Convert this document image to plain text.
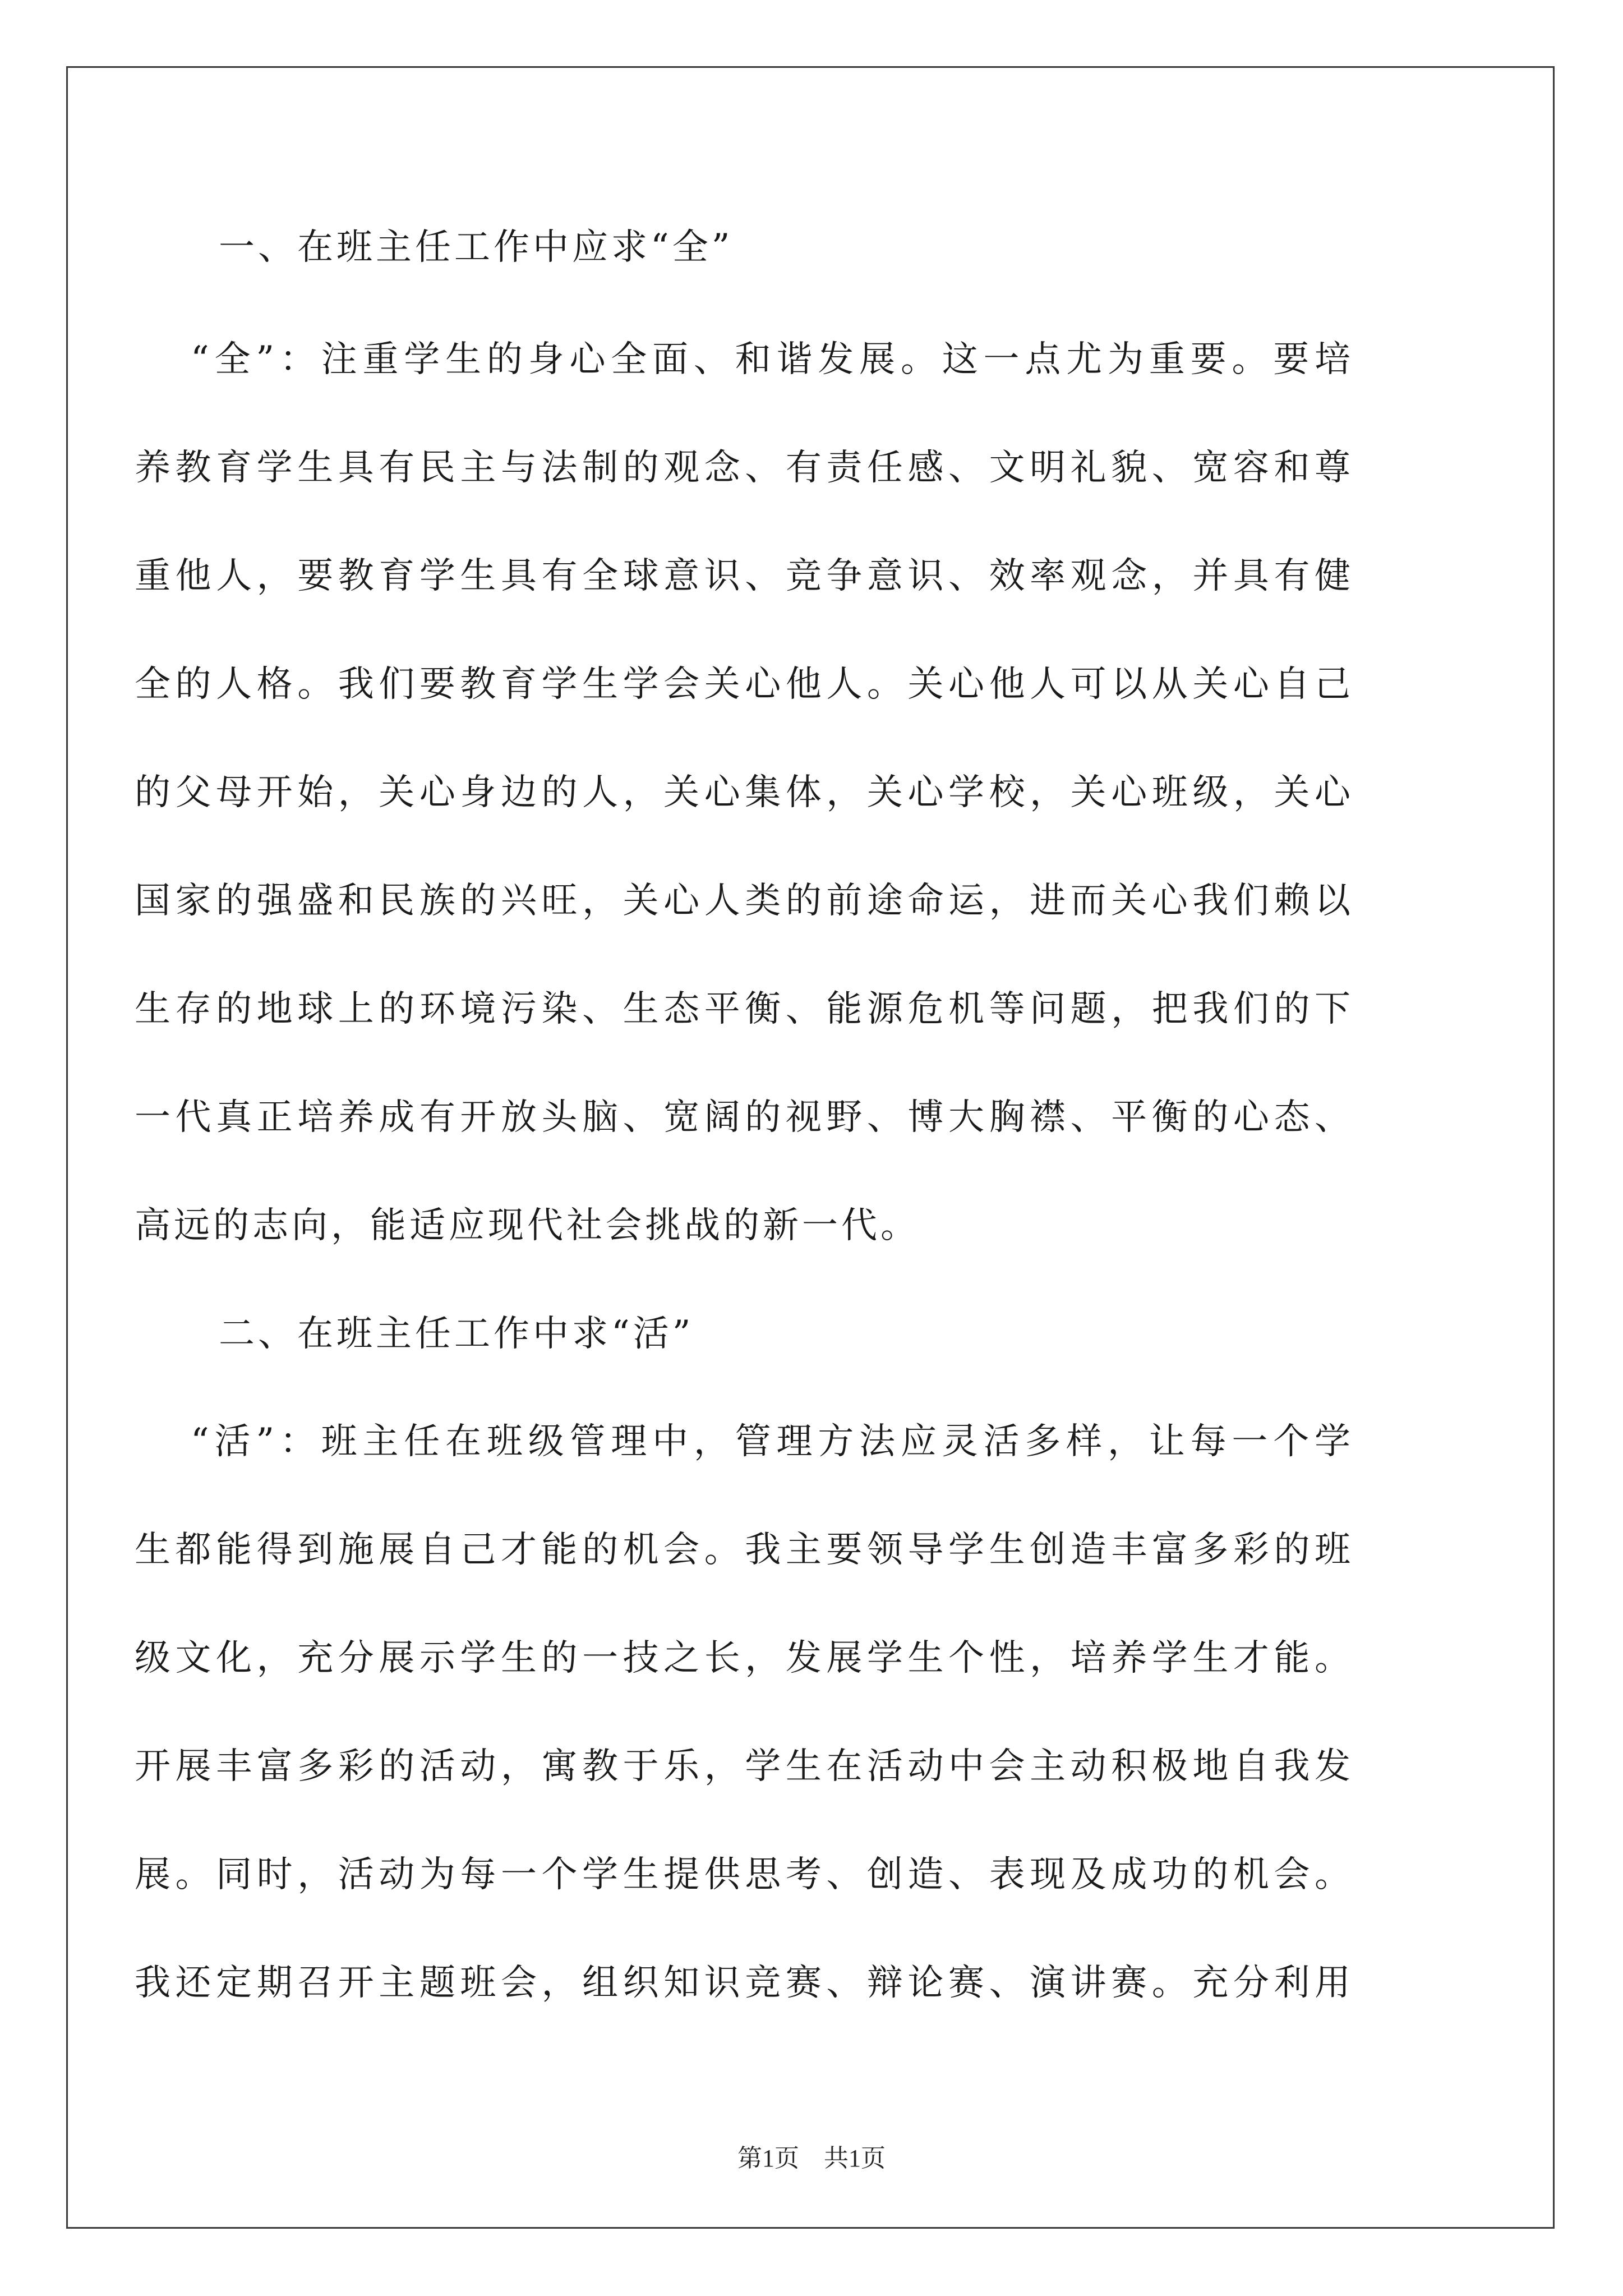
一、在班主任工作中应求“全”
“全”：注重学生的身心全面、和谐发展。这一点尤为重要。要培
养教育学生具有民主与法制的观念、有责任感、文明礼貌、宽容和尊
重他人，要教育学生具有全球意识、竞争意识、效率观念，并具有健
全的人格。我们要教育学生学会关心他人。关心他人可以从关心自己
的父母开始，关心身边的人，关心集体，关心学校，关心班级，关心
国家的强盛和民族的兴旺，关心人类的前途命运，进而关心我们赖以
生存的地球上的环境污染、生态平衡、能源危机等问题，把我们的下
一代真正培养成有开放头脑、宽阔的视野、博大胸襟、平衡的心态、
高远的志向，能适应现代社会挑战的新一代。
二、在班主任工作中求“活”
“活”：班主任在班级管理中，管理方法应灵活多样，让每一个学
生都能得到施展自己才能的机会。我主要领导学生创造丰富多彩的班
级文化，充分展示学生的一技之长，发展学生个性，培养学生才能。
开展丰富多彩的活动，寓教于乐，学生在活动中会主动积极地自我发
展。同时，活动为每一个学生提供思考、创造、表现及成功的机会。
我还定期召开主题班会，组织知识竞赛、辩论赛、演讲赛。充分利用
第1页　共1页
